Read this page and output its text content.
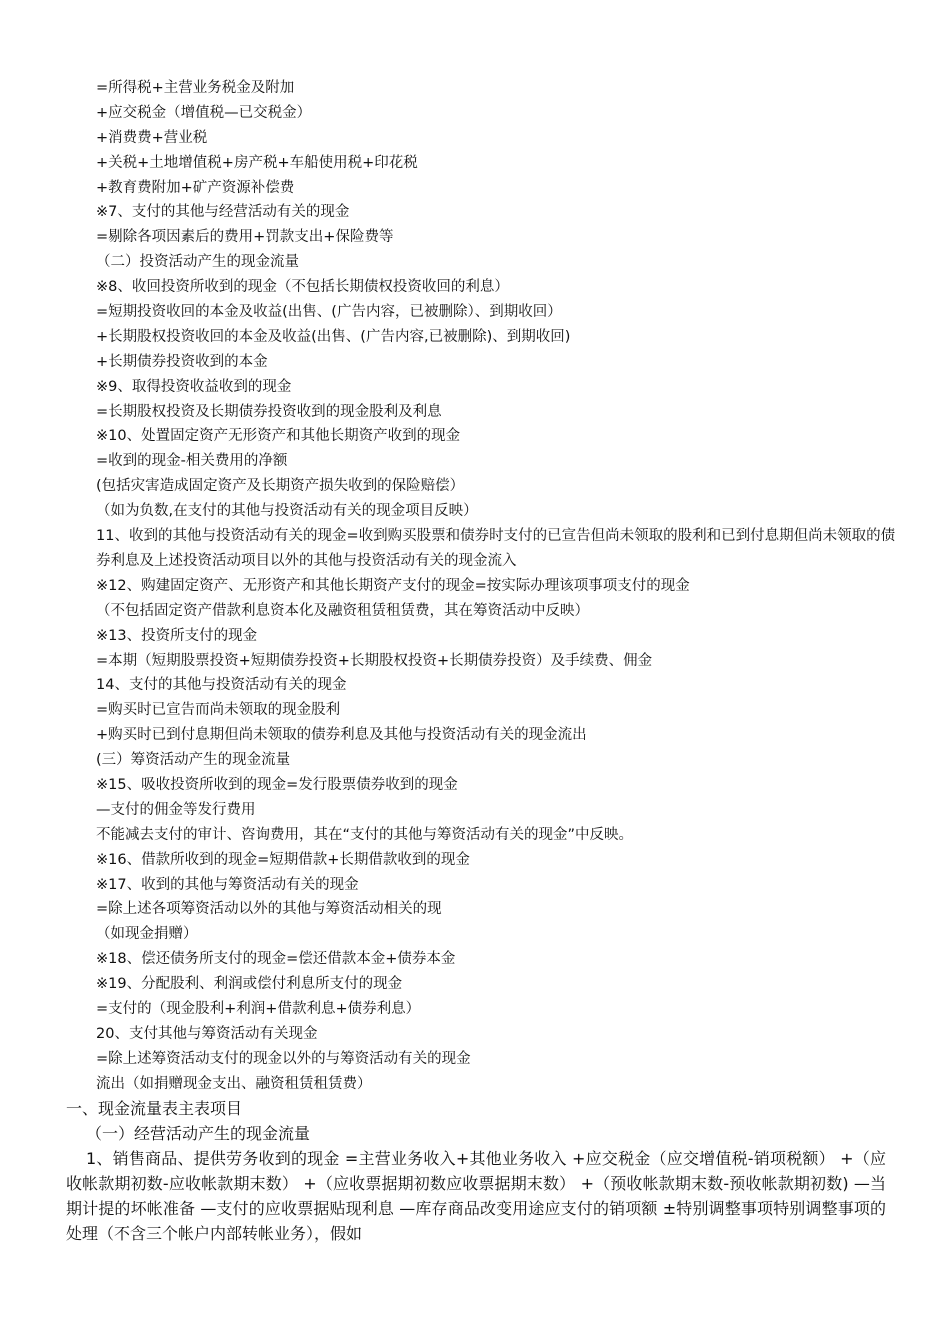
=所得税+主营业务税金及附加
+应交税金（增值税—已交税金）
+消费费+营业税
+关税+土地增值税+房产税+车船使用税+印花税
+教育费附加+矿产资源补偿费
※7、支付的其他与经营活动有关的现金
=剔除各项因素后的费用+罚款支出+保险费等
（二）投资活动产生的现金流量
※8、收回投资所收到的现金（不包括长期债权投资收回的利息）
=短期投资收回的本金及收益(出售、(广告内容，已被删除）、到期收回）
+长期股权投资收回的本金及收益(出售、(广告内容,已被删除)、到期收回)
+长期债券投资收到的本金
※9、取得投资收益收到的现金
=长期股权投资及长期债券投资收到的现金股利及利息
※10、处置固定资产无形资产和其他长期资产收到的现金
=收到的现金-相关费用的净额
(包括灾害造成固定资产及长期资产损失收到的保险赔偿）
（如为负数,在支付的其他与投资活动有关的现金项目反映）
11、收到的其他与投资活动有关的现金=收到购买股票和债券时支付的已宣告但尚未领取的股利和已到付息期但尚未领取的债券利息及上述投资活动项目以外的其他与投资活动有关的现金流入
※12、购建固定资产、无形资产和其他长期资产支付的现金=按实际办理该项事项支付的现金
（不包括固定资产借款利息资本化及融资租赁租赁费，其在筹资活动中反映）
※13、投资所支付的现金
=本期（短期股票投资+短期债券投资+长期股权投资+长期债券投资）及手续费、佣金
14、支付的其他与投资活动有关的现金
=购买时已宣告而尚未领取的现金股利
+购买时已到付息期但尚未领取的债券利息及其他与投资活动有关的现金流出
(三）筹资活动产生的现金流量
※15、吸收投资所收到的现金=发行股票债券收到的现金
—支付的佣金等发行费用
不能减去支付的审计、咨询费用，其在“支付的其他与筹资活动有关的现金”中反映。
※16、借款所收到的现金=短期借款+长期借款收到的现金
※17、收到的其他与筹资活动有关的现金
=除上述各项筹资活动以外的其他与筹资活动相关的现
（如现金捐赠）
※18、偿还债务所支付的现金=偿还借款本金+债券本金
※19、分配股利、利润或偿付利息所支付的现金
=支付的（现金股利+利润+借款利息+债券利息）
20、支付其他与筹资活动有关现金
=除上述筹资活动支付的现金以外的与筹资活动有关的现金
流出（如捐赠现金支出、融资租赁租赁费）
一、现金流量表主表项目
（一）经营活动产生的现金流量
1、销售商品、提供劳务收到的现金 =主营业务收入+其他业务收入 +应交税金（应交增值税-销项税额） +（应收帐款期初数-应收帐款期末数） +（应收票据期初数应收票据期末数） +（预收帐款期末数-预收帐款期初数) —当期计提的坏帐准备 —支付的应收票据贴现利息 —库存商品改变用途应支付的销项额 ±特别调整事项特别调整事项的处理（不含三个帐户内部转帐业务），假如
